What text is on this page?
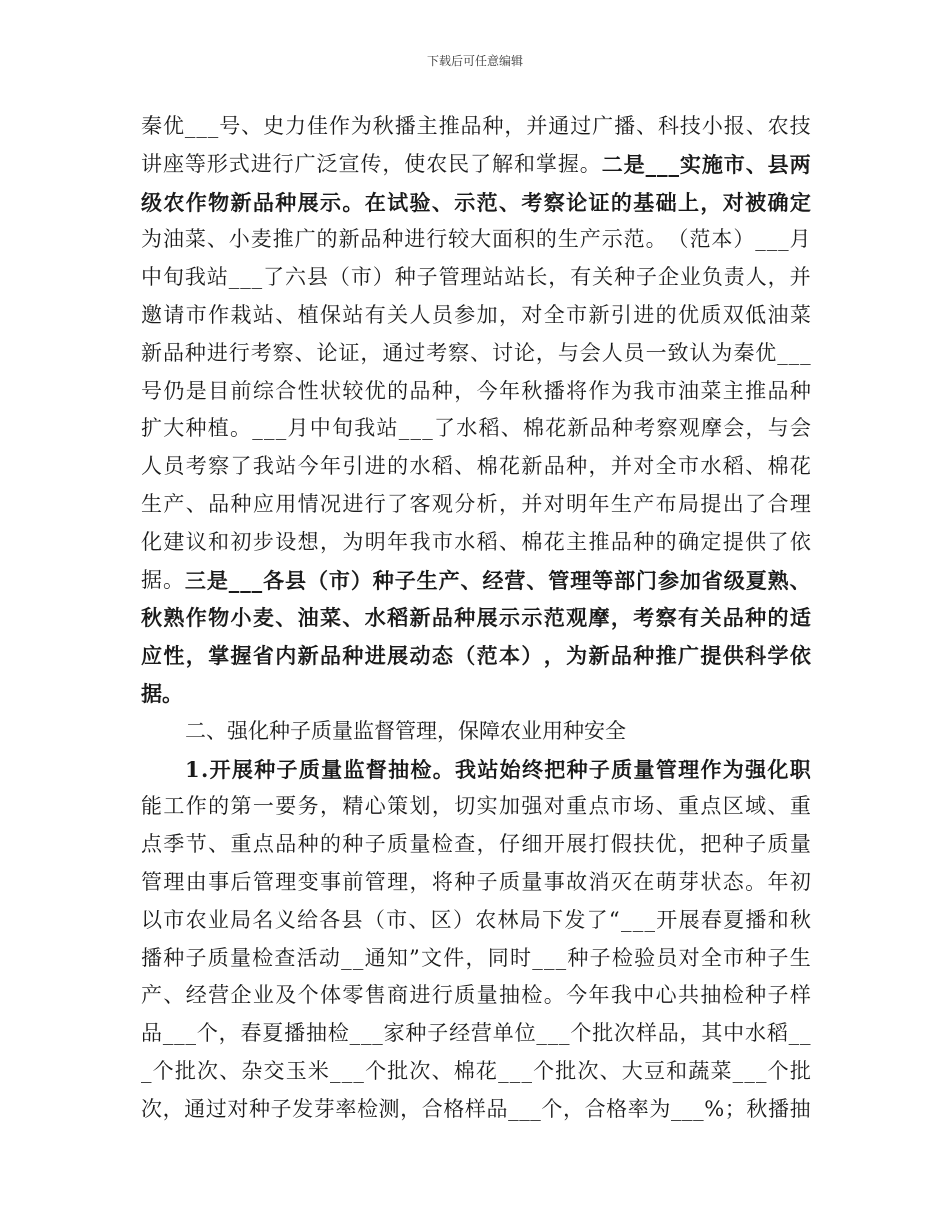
下载后可任意编辑
秦 优 _ _ _ 号 、 史 力 佳 作 为 秋 播 主 推 品 种 ， 并 通 过 广 播 、 科 技 小 报 、 农 技
讲 座 等 形 式 进 行 广 泛 宣 传 ， 使 农 民 了 解 和 掌 握 。 二 是 _ _ _ 实 施 市 、 县 两
级 农 作 物 新 品 种 展 示 。 在 试 验 、 示 范 、 考 察 论 证 的 基 础 上 ， 对 被 确 定
为 油 菜 、 小 麦 推 广 的 新 品 种 进 行 较 大 面 积 的 生 产 示 范 。 （ 范 本 ） _ _ _ 月
中 旬 我 站 _ _ _ 了 六 县 （ 市 ） 种 子 管 理 站 站 长 ， 有 关 种 子 企 业 负 责 人 ， 并
邀 请 市 作 栽 站 、 植 保 站 有 关 人 员 参 加 ， 对 全 市 新 引 进 的 优 质 双 低 油 菜
新 品 种 进 行 考 察 、 论 证 ， 通 过 考 察 、 讨 论 ， 与 会 人 员 一 致 认 为 秦 优 _ _ _
号 仍 是 目 前 综 合 性 状 较 优 的 品 种 ， 今 年 秋 播 将 作 为 我 市 油 菜 主 推 品 种
扩 大 种 植 。 _ _ _ 月 中 旬 我 站 _ _ _ 了 水 稻 、 棉 花 新 品 种 考 察 观 摩 会 ， 与 会
人 员 考 察 了 我 站 今 年 引 进 的 水 稻 、 棉 花 新 品 种 ， 并 对 全 市 水 稻 、 棉 花
生 产 、 品 种 应 用 情 况 进 行 了 客 观 分 析 ， 并 对 明 年 生 产 布 局 提 出 了 合 理
化 建 议 和 初 步 设 想 ， 为 明 年 我 市 水 稻 、 棉 花 主 推 品 种 的 确 定 提 供 了 依
据 。 三 是 _ _ _ 各 县 （ 市 ） 种 子 生 产 、 经 营 、 管 理 等 部 门 参 加 省 级 夏 熟 、
秋 熟 作 物 小 麦 、 油 菜 、 水 稻 新 品 种 展 示 示 范 观 摩 ， 考 察 有 关 品 种 的 适
应 性 ， 掌 握 省 内 新 品 种 进 展 动 态 （ 范 本 ） ， 为 新 品 种 推 广 提 供 科 学 依
据。
二、强化种子质量监督管理，保障农业用种安全
1 . 开 展 种 子 质 量 监 督 抽 检 。 我 站 始 终 把 种 子 质 量 管 理 作 为 强 化 职
能 工 作 的 第 一 要 务 ， 精 心 策 划 ， 切 实 加 强 对 重 点 市 场 、 重 点 区 域 、 重
点 季 节 、 重 点 品 种 的 种 子 质 量 检 查 ， 仔 细 开 展 打 假 扶 优 ， 把 种 子 质 量
管 理 由 事 后 管 理 变 事 前 管 理 ， 将 种 子 质 量 事 故 消 灭 在 萌 芽 状 态 。 年 初
以 市 农 业 局 名 义 给 各 县 （ 市 、 区 ） 农 林 局 下 发 了 “ _ _ _ 开 展 春 夏 播 和 秋
播 种 子 质 量 检 查 活 动 _ _ 通 知 ” 文 件 ， 同 时 _ _ _ 种 子 检 验 员 对 全 市 种 子 生
产 、 经 营 企 业 及 个 体 零 售 商 进 行 质 量 抽 检 。 今 年 我 中 心 共 抽 检 种 子 样
品 _ _ _ 个 ， 春 夏 播 抽 检 _ _ _ 家 种 子 经 营 单 位 _ _ _ 个 批 次 样 品 ， 其 中 水 稻 _ _
_ 个 批 次 、 杂 交 玉 米 _ _ _ 个 批 次 、 棉 花 _ _ _ 个 批 次 、 大 豆 和 蔬 菜 _ _ _ 个 批
次 ， 通 过 对 种 子 发 芽 率 检 测 ， 合 格 样 品 _ _ _ 个 ， 合 格 率 为 _ _ _ % ； 秋 播 抽
